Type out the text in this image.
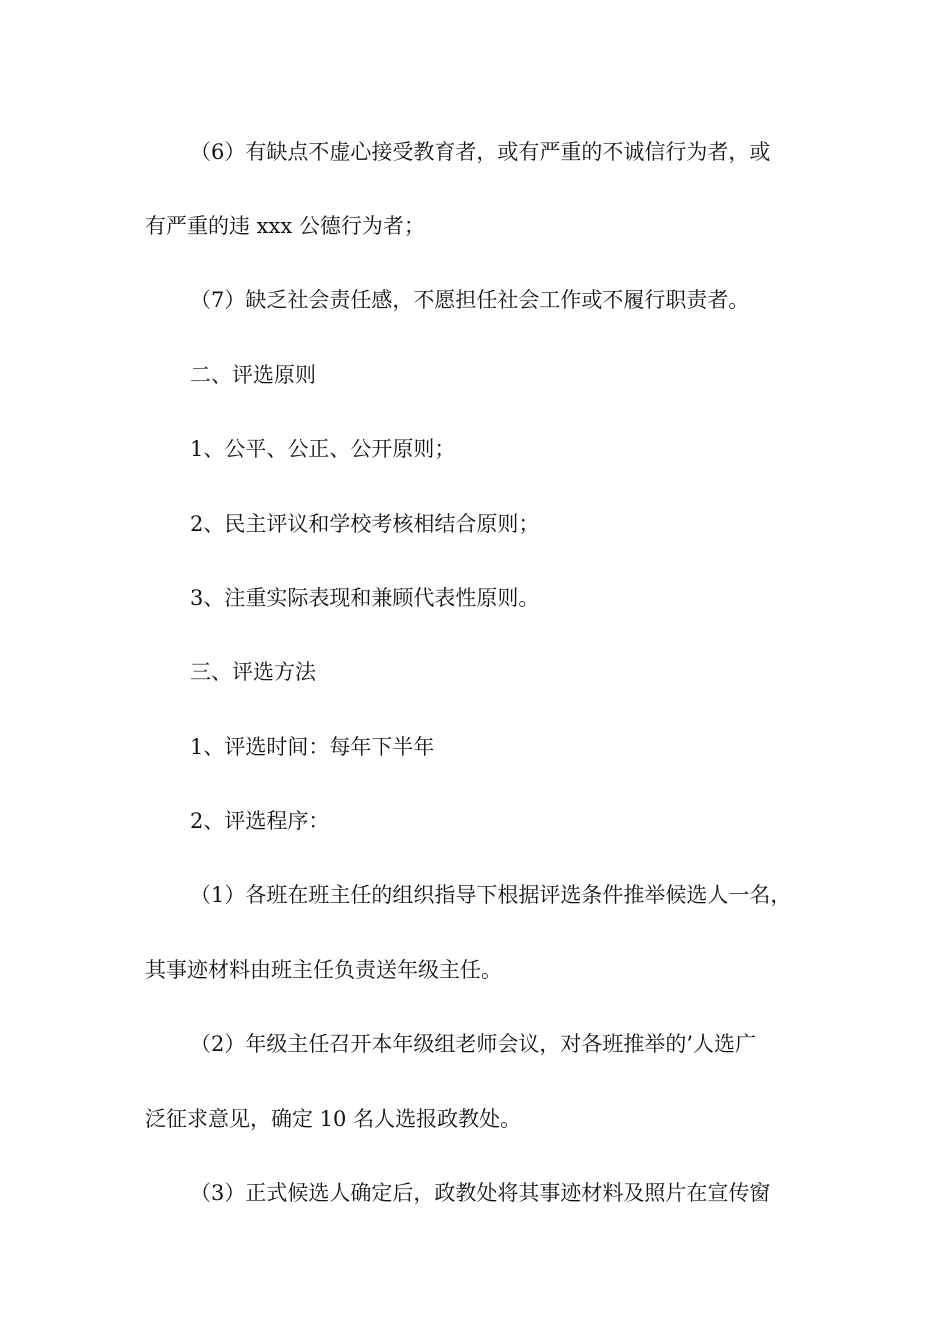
（6）有缺点不虚心接受教育者，或有严重的不诚信行为者，或
有严重的违 xxx 公德行为者；
（7）缺乏社会责任感，不愿担任社会工作或不履行职责者。
二、评选原则
1、公平、公正、公开原则；
2、民主评议和学校考核相结合原则；
3、注重实际表现和兼顾代表性原则。
三、评选方法
1、评选时间：每年下半年
2、评选程序：
（1）各班在班主任的组织指导下根据评选条件推举候选人一名，
其事迹材料由班主任负责送年级主任。
（2）年级主任召开本年级组老师会议，对各班推举的’人选广
泛征求意见，确定 10 名人选报政教处。
（3）正式候选人确定后，政教处将其事迹材料及照片在宣传窗
